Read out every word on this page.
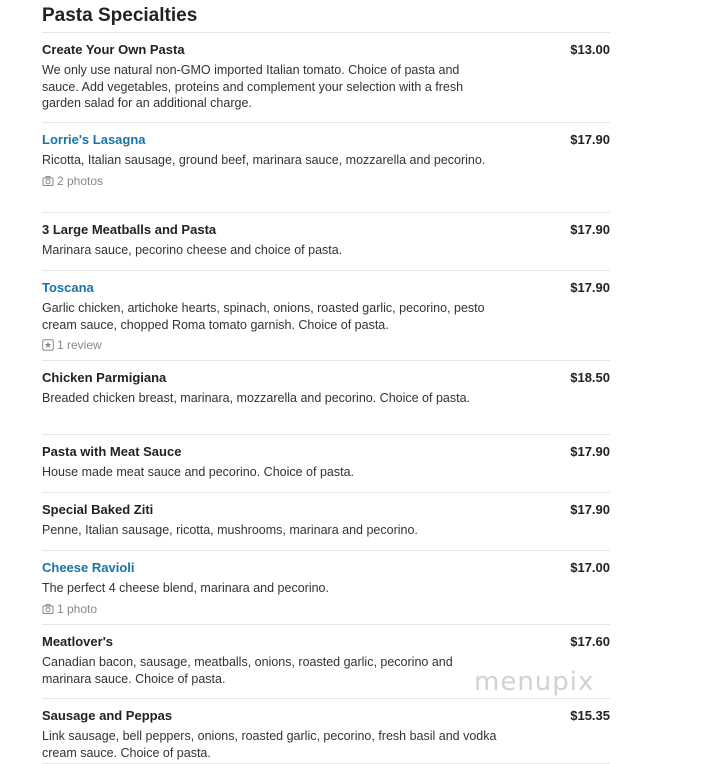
Pasta Specialties
Create Your Own Pasta	$13.00
We only use natural non-GMO imported Italian tomato. Choice of pasta and sauce. Add vegetables, proteins and complement your selection with a fresh garden salad for an additional charge.
Lorrie's Lasagna	$17.90
Ricotta, Italian sausage, ground beef, marinara sauce, mozzarella and pecorino.
2 photos
3 Large Meatballs and Pasta	$17.90
Marinara sauce, pecorino cheese and choice of pasta.
Toscana	$17.90
Garlic chicken, artichoke hearts, spinach, onions, roasted garlic, pecorino, pesto cream sauce, chopped Roma tomato garnish. Choice of pasta.
1 review
Chicken Parmigiana	$18.50
Breaded chicken breast, marinara, mozzarella and pecorino. Choice of pasta.
Pasta with Meat Sauce	$17.90
House made meat sauce and pecorino. Choice of pasta.
Special Baked Ziti	$17.90
Penne, Italian sausage, ricotta, mushrooms, marinara and pecorino.
Cheese Ravioli	$17.00
The perfect 4 cheese blend, marinara and pecorino.
1 photo
Meatlover's	$17.60
Canadian bacon, sausage, meatballs, onions, roasted garlic, pecorino and marinara sauce. Choice of pasta.
Sausage and Peppas	$15.35
Link sausage, bell peppers, onions, roasted garlic, pecorino, fresh basil and vodka cream sauce. Choice of pasta.
menupix
